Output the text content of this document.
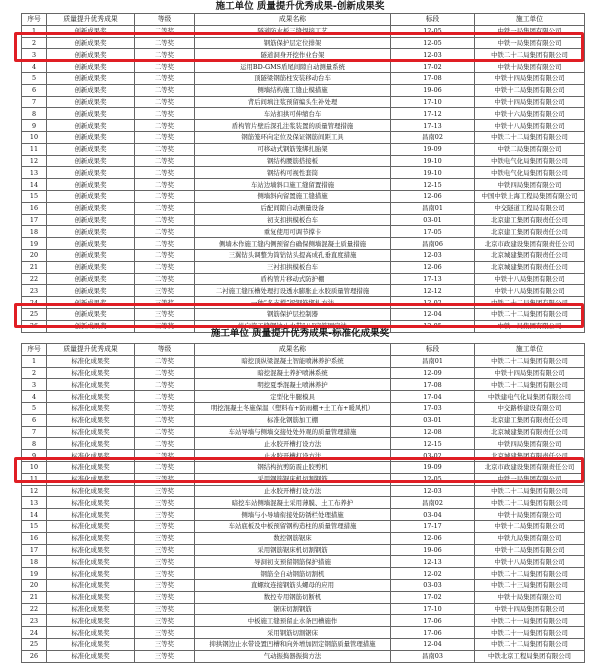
施工单位 质量提升优秀成果-创新成果奖
序号	质量提升优秀成果	等级	成果名称	标段	施工单位
1	创新成果奖	二等奖	隧道防水板三缝焊接工艺	12-05	中铁一局集团有限公司
2	创新成果奖	二等奖	钢筋保护层定位排架	12-05	中铁一局集团有限公司
3	创新成果奖	二等奖	隧道洞身开挖作业台架	12-03	中铁二十二局集团有限公司
4	创新成果奖	二等奖	运用BD-GMS盾尾间隙自动测量系统	17-02	中铁十局集团有限公司
5	创新成果奖	二等奖	顶隧梁钢筋柱安装移动台车	17-08	中铁十四局集团有限公司
6	创新成果奖	二等奖	侧墙结构施工缝止模措施	19-06	中铁十二局集团有限公司
7	创新成果奖	二等奖	背后间填注浆预留编头生补处理	17-10	中铁十四局集团有限公司
8	创新成果奖	二等奖	车站扣拱可伸缩台车	17-12	中铁十六局集团有限公司
9	创新成果奖	二等奖	盾构管片壁后深孔注浆装置的质量管理措施	17-13	中铁十八局集团有限公司
10	创新成果奖	二等奖	钢筋笼环向定位及保证钢筋间距工具	昌南02	中铁二十二局集团有限公司
11	创新成果奖	二等奖	可移动式钢筋笼绑扎胎架	19-09	中铁二局集团有限公司
12	创新成果奖	二等奖	钢结构腰筋搭接板	19-10	中铁电气化局集团有限公司
13	创新成果奖	二等奖	钢结构可视性套筒	19-10	中铁电气化局集团有限公司
14	创新成果奖	二等奖	车站边墙斜口施工缝留置措施	12-15	中铁四局集团有限公司
15	创新成果奖	二等奖	侧墙斜向留置施工缝措施	12-06	中国中铁上海工程局集团有限公司
16	创新成果奖	二等奖	后配间隙自动测量设备	昌南01	中交隧道工程局有限公司
17	创新成果奖	二等奖	初支扣拱模板台车	03-01	北京建工集团有限责任公司
18	创新成果奖	二等奖	重复使用可调节撑卡	17-05	北京建工集团有限责任公司
19	创新成果奖	二等奖	侧墙木作施工缝内侧预留台确保侧墙混凝土质量措施	昌南06	北京市政建设集团有限责任公司
20	创新成果奖	二等奖	三翼钻头调整为筒钻钻头提高成孔垂直度措施	12-03	北京城建集团有限责任公司
21	创新成果奖	二等奖	三衬扣拱模板台车	12-06	北京城建集团有限责任公司
22	创新成果奖	二等奖	盾构管片移动式防护棚	17-13	中铁十八局集团有限公司
23	创新成果奖	三等奖	二衬施工缝压槽处理打设透水膨胀止水胶质量管理措施	12-12	中铁十八局集团有限公司
24	创新成果奖	三等奖	一种“多支撑”梁钢筋绑扎方法	12-02	中铁二十二局集团有限公司
25	创新成果奖	三等奖	钢筋保护层控制器	12-04	中铁二十二局集团有限公司
26	创新成果奖	三等奖	纵向施工缝钢边止水带“八”字筋固定法	12-05	中铁一局集团有限公司
施工单位 质量提升优秀成果-标准化成果奖
序号	质量提升优秀成果	等级	成果名称	标段	施工单位
1	标准化成果奖	二等奖	暗挖顶纵梁混凝土智能喷淋养护系统	昌南01	中铁二十二局集团有限公司
2	标准化成果奖	二等奖	暗挖混凝土养护喷淋系统	12-09	中铁十四局集团有限公司
3	标准化成果奖	二等奖	明挖夏季混凝土喷淋养护	17-08	中铁二十二局集团有限公司
4	标准化成果奖	二等奖	定型化牛腿模具	17-04	中铁建电气化局集团有限公司
5	标准化成果奖	二等奖	明挖混凝土冬施保温（塑料布+防雨棚+土工布+暖风机）	17-03	中交路桥建设有限公司
6	标准化成果奖	二等奖	标准化钢筋加工棚	03-01	北京建工集团有限责任公司
7	标准化成果奖	二等奖	车站导墙与侧墙交接处处外观的质量管理措施	12-08	北京城建集团有限责任公司
8	标准化成果奖	二等奖	止水胶开槽打设方法	12-15	中铁四局集团有限公司
9	标准化成果奖	二等奖	止水胶开槽打设方法	03-02	北京城建集团有限责任公司
10	标准化成果奖	二等奖	钢结构抗剪防震止胶剪机	19-09	北京市政建设集团有限责任公司
11	标准化成果奖	三等奖	采用钢筋锯床机切割钢筋	12-05	中铁一局集团有限公司
12	标准化成果奖	三等奖	止水胶开槽打设方法	12-03	中铁二十二局集团有限公司
13	标准化成果奖	三等奖	暗挖车站侧墙混凝土采用薄膜、土工布养护	昌南02	中铁二十二局集团有限公司
14	标准化成果奖	三等奖	侧墙与小导墙衔接处防锈栏处理措施	03-04	中铁十局集团有限公司
15	标准化成果奖	三等奖	车站底板及中板预留钢构造柱的质量管理措施	17-17	中铁十二局集团有限公司
16	标准化成果奖	三等奖	数控钢筋锯床	12-06	中铁九局集团有限公司
17	标准化成果奖	三等奖	采用钢筋锯床机切割钢筋	19-06	中铁十二局集团有限公司
18	标准化成果奖	三等奖	导洞初支预留钢筋保护措施	12-13	中铁十八局集团有限公司
19	标准化成果奖	三等奖	钢筋全自动钢筋切割机	12-02	中铁二十二局集团有限公司
20	标准化成果奖	三等奖	直螺纹连接钢筋头螺母的应用	03-03	中铁二十三局集团有限公司
21	标准化成果奖	三等奖	数控专用钢筋切断机	17-02	中铁十局集团有限公司
22	标准化成果奖	三等奖	锯床切割钢筋	17-10	中铁十四局集团有限公司
23	标准化成果奖	三等奖	中板施工缝预留止水条凹槽施作	17-06	中铁二十一局集团有限公司
24	标准化成果奖	三等奖	采用钢筋切割锯床	17-06	中铁二十一局集团有限公司
25	标准化成果奖	三等奖	抑拱钢边止水带设置凹槽和向外增加固定钢筋质量管理措施	12-04	中铁二十二局集团有限公司
26	标准化成果奖	三等奖	气动振捣器振捣方法	昌南03	中铁北京工程局集团有限公司
